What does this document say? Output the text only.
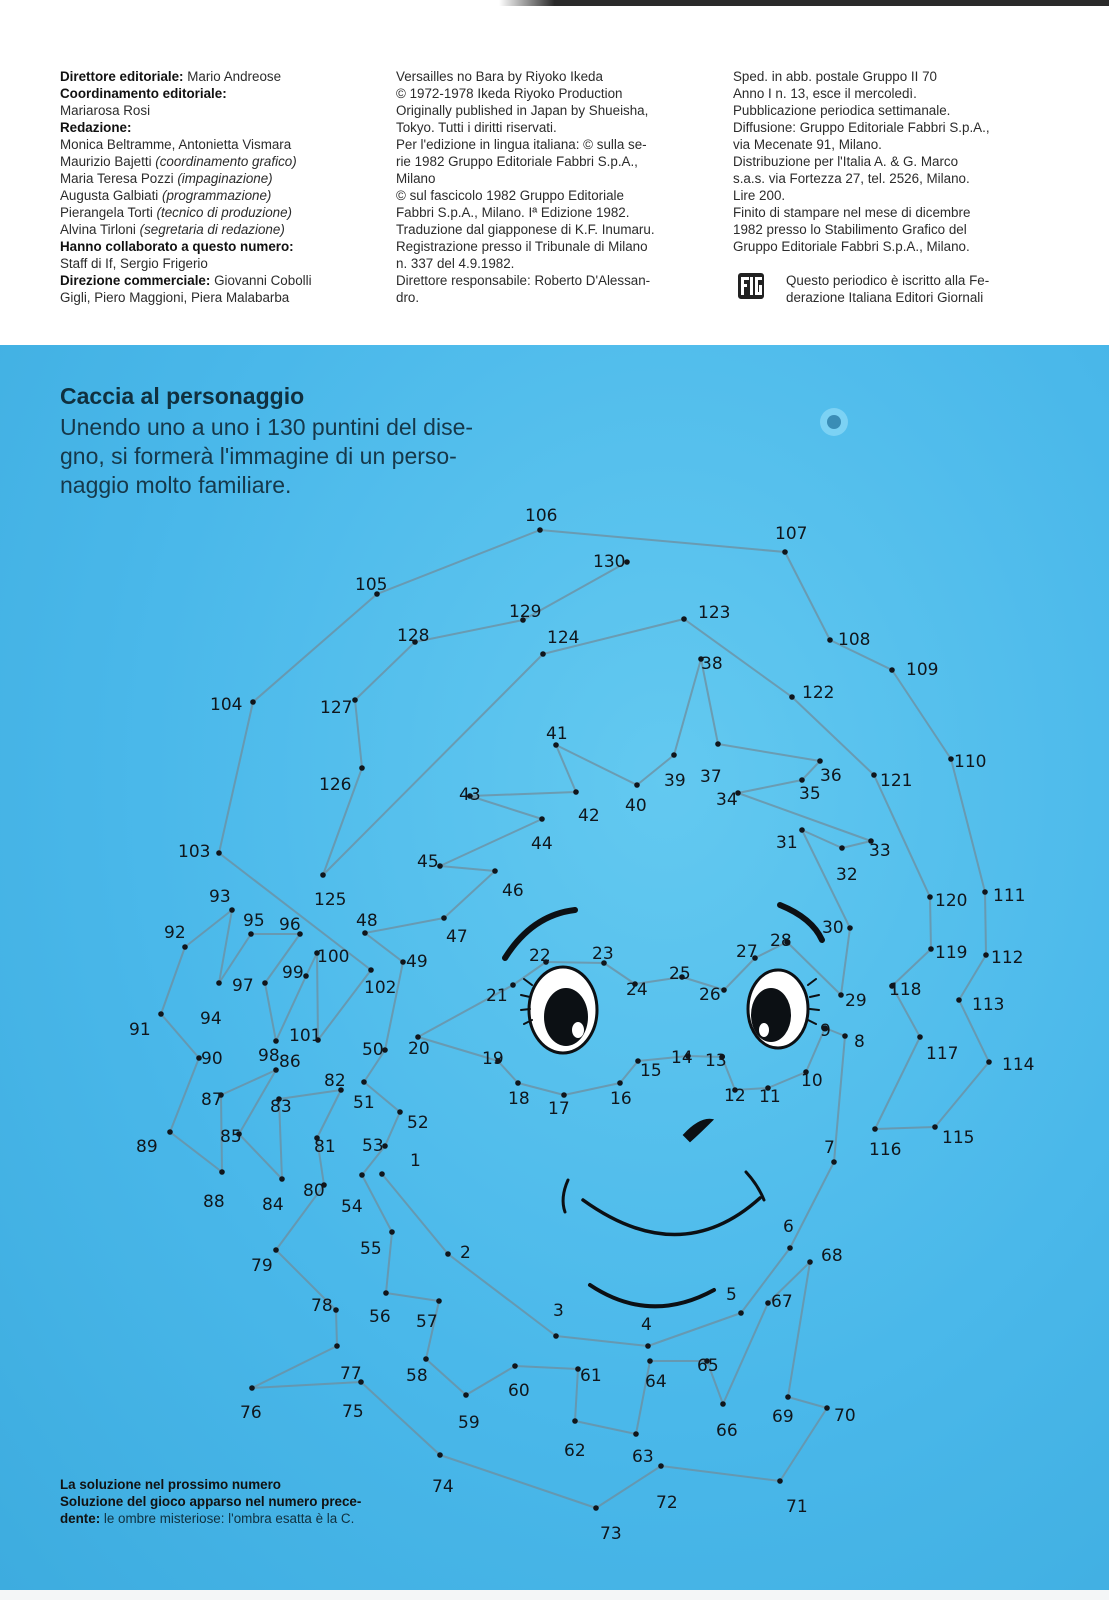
Direttore editoriale: Mario Andreose
Coordinamento editoriale:
Mariarosa Rosi
Redazione:
Monica Beltramme, Antonietta Vismara
Maurizio Bajetti (coordinamento grafico)
Maria Teresa Pozzi (impaginazione)
Augusta Galbiati (programmazione)
Pierangela Torti (tecnico di produzione)
Alvina Tirloni (segretaria di redazione)
Hanno collaborato a questo numero:
Staff di If, Sergio Frigerio
Direzione commerciale: Giovanni Cobolli
Gigli, Piero Maggioni, Piera Malabarba
Versailles no Bara by Riyoko Ikeda
© 1972-1978 Ikeda Riyoko Production
Originally published in Japan by Shueisha,
Tokyo. Tutti i diritti riservati.
Per l'edizione in lingua italiana: © sulla se-
rie 1982 Gruppo Editoriale Fabbri S.p.A.,
Milano
© sul fascicolo 1982 Gruppo Editoriale
Fabbri S.p.A., Milano. Iª Edizione 1982.
Traduzione dal giapponese di K.F. Inumaru.
Registrazione presso il Tribunale di Milano
n. 337 del 4.9.1982.
Direttore responsabile: Roberto D'Alessan-
dro.
Sped. in abb. postale Gruppo II 70
Anno I n. 13, esce il mercoledì.
Pubblicazione periodica settimanale.
Diffusione: Gruppo Editoriale Fabbri S.p.A.,
via Mecenate 91, Milano.
Distribuzione per l'Italia A. & G. Marco
s.a.s. via Fortezza 27, tel. 2526, Milano.
Lire 200.
Finito di stampare nel mese di dicembre
1982 presso lo Stabilimento Grafico del
Gruppo Editoriale Fabbri S.p.A., Milano.
Questo periodico è iscritto alla Fe-
derazione Italiana Editori Giornali
Caccia al personaggio
Unendo uno a uno i 130 puntini del dise-
gno, si formerà l'immagine di un perso-
naggio molto familiare.
1
2
3
4
5
6
7
8
9
10
11
12
13
14
15
16
17
18
19
20
21
22 23
24
25
26
27
28
29
30
31
32
33
34	35
36
37
38
39
40
41
42
43
44
45
46
47
48
49
50
51
52
53
54
55
56 57
58
59
60
61
62	63
64
65
66
67
68
69 70
71
72
73
74
75
76
77
78
79
80
81
82
83
84
85
86
87
88
89
90
91
92
93
94
95 96
97
98
99
100
101
102
103
104
105
106
107
108
109
110
111
112
113
114
115
116
117
118
119
120
121
122
123
124
125
126
127
128
129
130
La soluzione nel prossimo numero
Soluzione del gioco apparso nel numero prece-
dente: le ombre misteriose: l'ombra esatta è la C.
